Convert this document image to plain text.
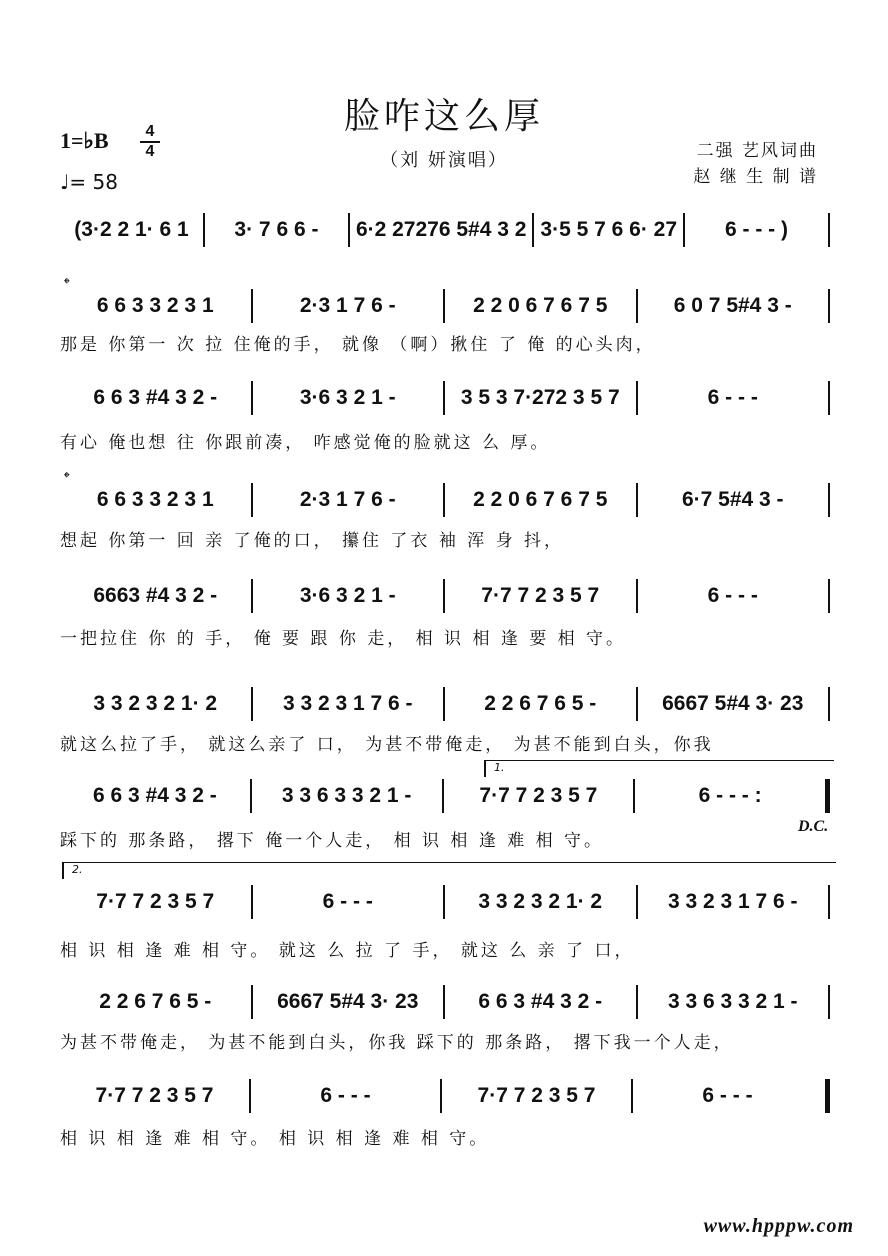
脸咋这么厚
（刘 妍演唱）
1=♭B	4
4
♩= 58
二强 艺风词曲
赵 继 生 制 谱
(3·2 2 1· 6 1	3· 7 6 6 -	6·2 27276 5#4 3 2 3·5 5 7 6 6· 27	6 - - - )
𝄌
6 6 3 3 2 3 1	2·3 1 7 6 -	2 2 0 6 7 6 7 5	6 0 7 5#4 3 -
那是 你第一 次 拉 住俺的手， 就像 （啊）揪住 了 俺 的心头肉，
6 6 3 #4 3 2 -	3·6 3 2 1 -	3 5 3 7·272 3 5 7	6 - - -
有心 俺也想 往 你跟前凑， 咋感觉俺的脸就这 么 厚。
𝄌
6 6 3 3 2 3 1	2·3 1 7 6 -	2 2 0 6 7 6 7 5	6·7 5#4 3 -
想起 你第一 回 亲 了俺的口， 攥住 了衣 袖 浑 身 抖，
6663 #4 3 2 -	3·6 3 2 1 -	7·7 7 2 3 5 7	6 - - -
一把拉住 你 的 手， 俺 要 跟 你 走， 相 识 相 逢 要 相 守。
3 3 2 3 2 1· 2	3 3 2 3 1 7 6 -	2 2 6 7 6 5 -	6667 5#4 3· 23
就这么拉了手， 就这么亲了 口， 为甚不带俺走， 为甚不能到白头，你我
1.
6 6 3 #4 3 2 -	3 3 6 3 3 2 1 -	7·7 7 2 3 5 7	6 - - - :
D.C.
踩下的 那条路， 撂下 俺一个人走， 相 识 相 逢 难 相 守。
2.
7·7 7 2 3 5 7	6 - - -	3 3 2 3 2 1· 2	3 3 2 3 1 7 6 -
相 识 相 逢 难 相 守。 就这 么 拉 了 手， 就这 么 亲 了 口，
2 2 6 7 6 5 -	6667 5#4 3· 23	6 6 3 #4 3 2 -	3 3 6 3 3 2 1 -
为甚不带俺走， 为甚不能到白头，你我 踩下的 那条路， 撂下我一个人走，
7·7 7 2 3 5 7	6 - - -	7·7 7 2 3 5 7	6 - - -
相 识 相 逢 难 相 守。 相 识 相 逢 难 相 守。
www.hpppw.com
